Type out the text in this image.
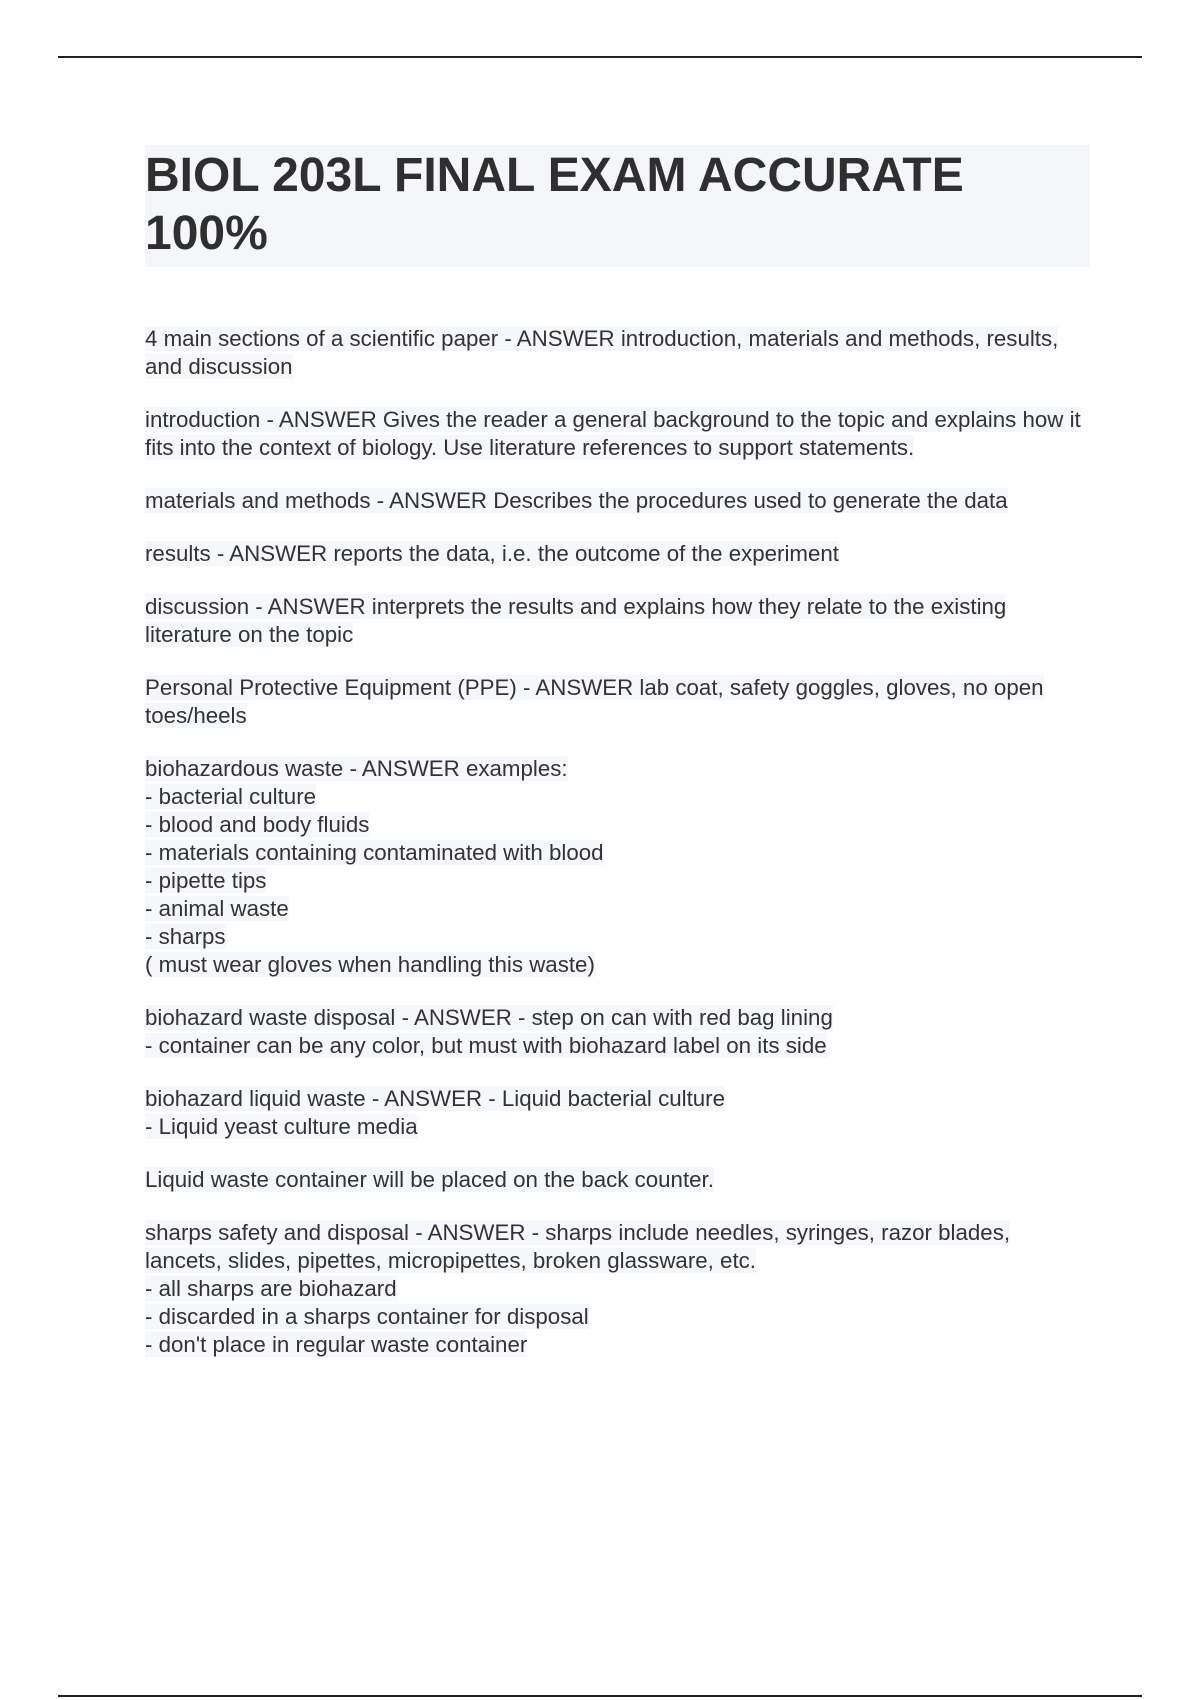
BIOL 203L FINAL EXAM ACCURATE 100%

4 main sections of a scientific paper - ANSWER introduction, materials and methods, results, and discussion

introduction - ANSWER Gives the reader a general background to the topic and explains how it fits into the context of biology. Use literature references to support statements.

materials and methods - ANSWER Describes the procedures used to generate the data

results - ANSWER reports the data, i.e. the outcome of the experiment

discussion - ANSWER interprets the results and explains how they relate to the existing literature on the topic

Personal Protective Equipment (PPE) - ANSWER lab coat, safety goggles, gloves, no open toes/heels

biohazardous waste - ANSWER examples:
- bacterial culture
- blood and body fluids
- materials containing contaminated with blood
- pipette tips
- animal waste
- sharps
( must wear gloves when handling this waste)

biohazard waste disposal - ANSWER - step on can with red bag lining
- container can be any color, but must with biohazard label on its side

biohazard liquid waste - ANSWER - Liquid bacterial culture
- Liquid yeast culture media

Liquid waste container will be placed on the back counter.

sharps safety and disposal - ANSWER - sharps include needles, syringes, razor blades, lancets, slides, pipettes, micropipettes, broken glassware, etc.
- all sharps are biohazard
- discarded in a sharps container for disposal
- don't place in regular waste container
